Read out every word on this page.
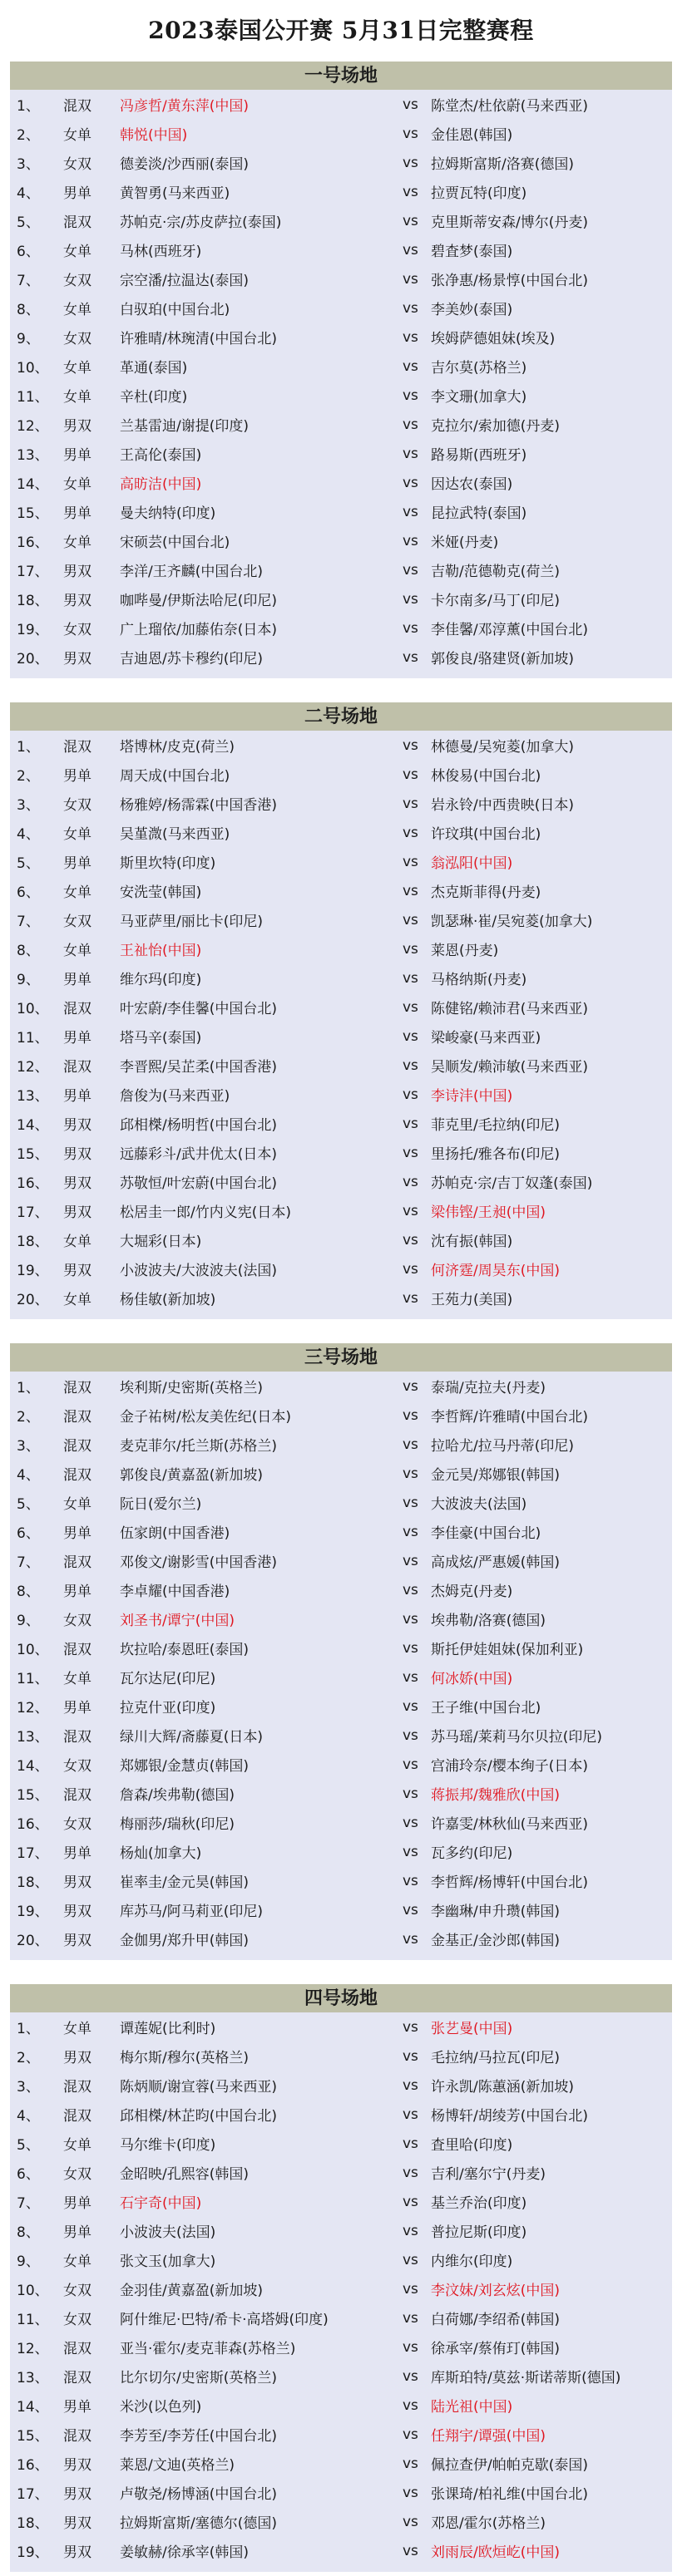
2023泰国公开赛 5月31日完整赛程
一号场地
1、	混双	冯彦哲/黄东萍(中国)	vs 陈堂杰/杜依蔚(马来西亚)
2、	女单	韩悦(中国)	vs 金佳恩(韩国)
3、	女双	德姜淡/沙西丽(泰国)	vs 拉姆斯富斯/洛赛(德国)
4、	男单	黄智勇(马来西亚)	vs 拉贾瓦特(印度)
5、	混双	苏帕克·宗/苏皮萨拉(泰国)	vs 克里斯蒂安森/博尔(丹麦)
6、	女单	马林(西班牙)	vs 碧査梦(泰国)
7、	女双	宗空潘/拉温达(泰国)	vs 张净惠/杨景惇(中国台北)
8、	女单	白驭珀(中国台北)	vs 李美妙(泰国)
9、	女双	许雅晴/林琬清(中国台北)	vs 埃姆萨德姐妹(埃及)
10、	女单	革通(泰国)	vs 吉尔莫(苏格兰)
11、	女单	辛杜(印度)	vs 李文珊(加拿大)
12、	男双	兰基雷迪/谢提(印度)	vs 克拉尔/索加德(丹麦)
13、	男单	王高伦(泰国)	vs 路易斯(西班牙)
14、	女单	高昉洁(中国)	vs 因达农(泰国)
15、	男单	曼夫纳特(印度)	vs 昆拉武特(泰国)
16、	女单	宋硕芸(中国台北)	vs 米娅(丹麦)
17、	男双	李洋/王齐麟(中国台北)	vs 吉勒/范德勒克(荷兰)
18、	男双	咖哔曼/伊斯法哈尼(印尼)	vs 卡尔南多/马丁(印尼)
19、	女双	广上瑠依/加藤佑奈(日本)	vs 李佳馨/邓淳薰(中国台北)
20、	男双	吉迪恩/苏卡穆约(印尼)	vs 郭俊良/骆建贤(新加坡)
二号场地
1、	混双	塔博林/皮克(荷兰)	vs 林德曼/吴宛菱(加拿大)
2、	男单	周天成(中国台北)	vs 林俊易(中国台北)
3、	女双	杨雅婷/杨霈霖(中国香港)	vs 岩永铃/中西贵映(日本)
4、	女单	吴堇溦(马来西亚)	vs 许玟琪(中国台北)
5、	男单	斯里坎特(印度)	vs 翁泓阳(中国)
6、	女单	安洗莹(韩国)	vs 杰克斯菲得(丹麦)
7、	女双	马亚萨里/丽比卡(印尼)	vs 凯瑟琳·崔/吴宛菱(加拿大)
8、	女单	王祉怡(中国)	vs 莱恩(丹麦)
9、	男单	维尔玛(印度)	vs 马格纳斯(丹麦)
10、	混双	叶宏蔚/李佳馨(中国台北)	vs 陈健铭/赖沛君(马来西亚)
11、	男单	塔马辛(泰国)	vs 梁峻豪(马来西亚)
12、	混双	李晋熙/吴芷柔(中国香港)	vs 吴顺发/赖沛敏(马来西亚)
13、	男单	詹俊为(马来西亚)	vs 李诗沣(中国)
14、	男双	邱相榤/杨明哲(中国台北)	vs 菲克里/毛拉纳(印尼)
15、	男双	远藤彩斗/武井优太(日本)	vs 里扬托/雅各布(印尼)
16、	男双	苏敬恒/叶宏蔚(中国台北)	vs 苏帕克·宗/吉丁奴蓬(泰国)
17、	男双	松居圭一郎/竹内义宪(日本)	vs 梁伟铿/王昶(中国)
18、	女单	大堀彩(日本)	vs 沈有振(韩国)
19、	男双	小波波夫/大波波夫(法国)	vs 何济霆/周昊东(中国)
20、	女单	杨佳敏(新加坡)	vs 王苑力(美国)
三号场地
1、	混双	埃利斯/史密斯(英格兰)	vs 泰瑞/克拉夫(丹麦)
2、	混双	金子祐树/松友美佐纪(日本)	vs 李哲辉/许雅晴(中国台北)
3、	混双	麦克菲尔/托兰斯(苏格兰)	vs 拉哈尤/拉马丹蒂(印尼)
4、	混双	郭俊良/黄嘉盈(新加坡)	vs 金元昊/郑娜银(韩国)
5、	女单	阮日(爱尔兰)	vs 大波波夫(法国)
6、	男单	伍家朗(中国香港)	vs 李佳豪(中国台北)
7、	混双	邓俊文/谢影雪(中国香港)	vs 高成炫/严惠媛(韩国)
8、	男单	李卓耀(中国香港)	vs 杰姆克(丹麦)
9、	女双	刘圣书/谭宁(中国)	vs 埃弗勒/洛赛(德国)
10、	混双	坎拉哈/泰恩旺(泰国)	vs 斯托伊娃姐妹(保加利亚)
11、	女单	瓦尔达尼(印尼)	vs 何冰娇(中国)
12、	男单	拉克什亚(印度)	vs 王子维(中国台北)
13、	混双	绿川大辉/斋藤夏(日本)	vs 苏马瑶/莱莉马尔贝拉(印尼)
14、	女双	郑娜银/金慧贞(韩国)	vs 宫浦玲奈/樱本绚子(日本)
15、	混双	詹森/埃弗勒(德国)	vs 蒋振邦/魏雅欣(中国)
16、	女双	梅丽莎/瑞秋(印尼)	vs 许嘉雯/林秋仙(马来西亚)
17、	男单	杨灿(加拿大)	vs 瓦多约(印尼)
18、	男双	崔率圭/金元昊(韩国)	vs 李哲辉/杨博轩(中国台北)
19、	男双	库苏马/阿马莉亚(印尼)	vs 李幽琳/申升瓒(韩国)
20、	男双	金伽男/郑升甲(韩国)	vs 金基正/金沙郎(韩国)
四号场地
1、	女单	谭莲妮(比利时)	vs 张艺曼(中国)
2、	男双	梅尔斯/穆尔(英格兰)	vs 毛拉纳/马拉瓦(印尼)
3、	混双	陈炳顺/谢宣蓉(马来西亚)	vs 许永凯/陈蕙涵(新加坡)
4、	混双	邱相榤/林芷昀(中国台北)	vs 杨博轩/胡绫芳(中国台北)
5、	女单	马尔维卡(印度)	vs 査里哈(印度)
6、	女双	金昭映/孔熙容(韩国)	vs 吉利/塞尔宁(丹麦)
7、	男单	石宇奇(中国)	vs 基兰乔治(印度)
8、	男单	小波波夫(法国)	vs 普拉尼斯(印度)
9、	女单	张文玉(加拿大)	vs 内维尔(印度)
10、	女双	金羽佳/黄嘉盈(新加坡)	vs 李汶妹/刘玄炫(中国)
11、	女双	阿什维尼·巴特/希卡·高塔姆(印度)	vs 白荷娜/李绍希(韩国)
12、	混双	亚当·霍尔/麦克菲森(苏格兰)	vs 徐承宰/蔡侑玎(韩国)
13、	混双	比尔切尔/史密斯(英格兰)	vs 库斯珀特/莫兹·斯诺蒂斯(德国)
14、	男单	米沙(以色列)	vs 陆光祖(中国)
15、	混双	李芳至/李芳任(中国台北)	vs 任翔宇/谭强(中国)
16、	男双	莱恩/文迪(英格兰)	vs 佩拉查伊/帕帕克歇(泰国)
17、	男双	卢敬尧/杨博涵(中国台北)	vs 张课琦/柏礼维(中国台北)
18、	男双	拉姆斯富斯/塞德尔(德国)	vs 邓恩/霍尔(苏格兰)
19、	男双	姜敏赫/徐承宰(韩国)	vs 刘雨辰/欧烜屹(中国)
